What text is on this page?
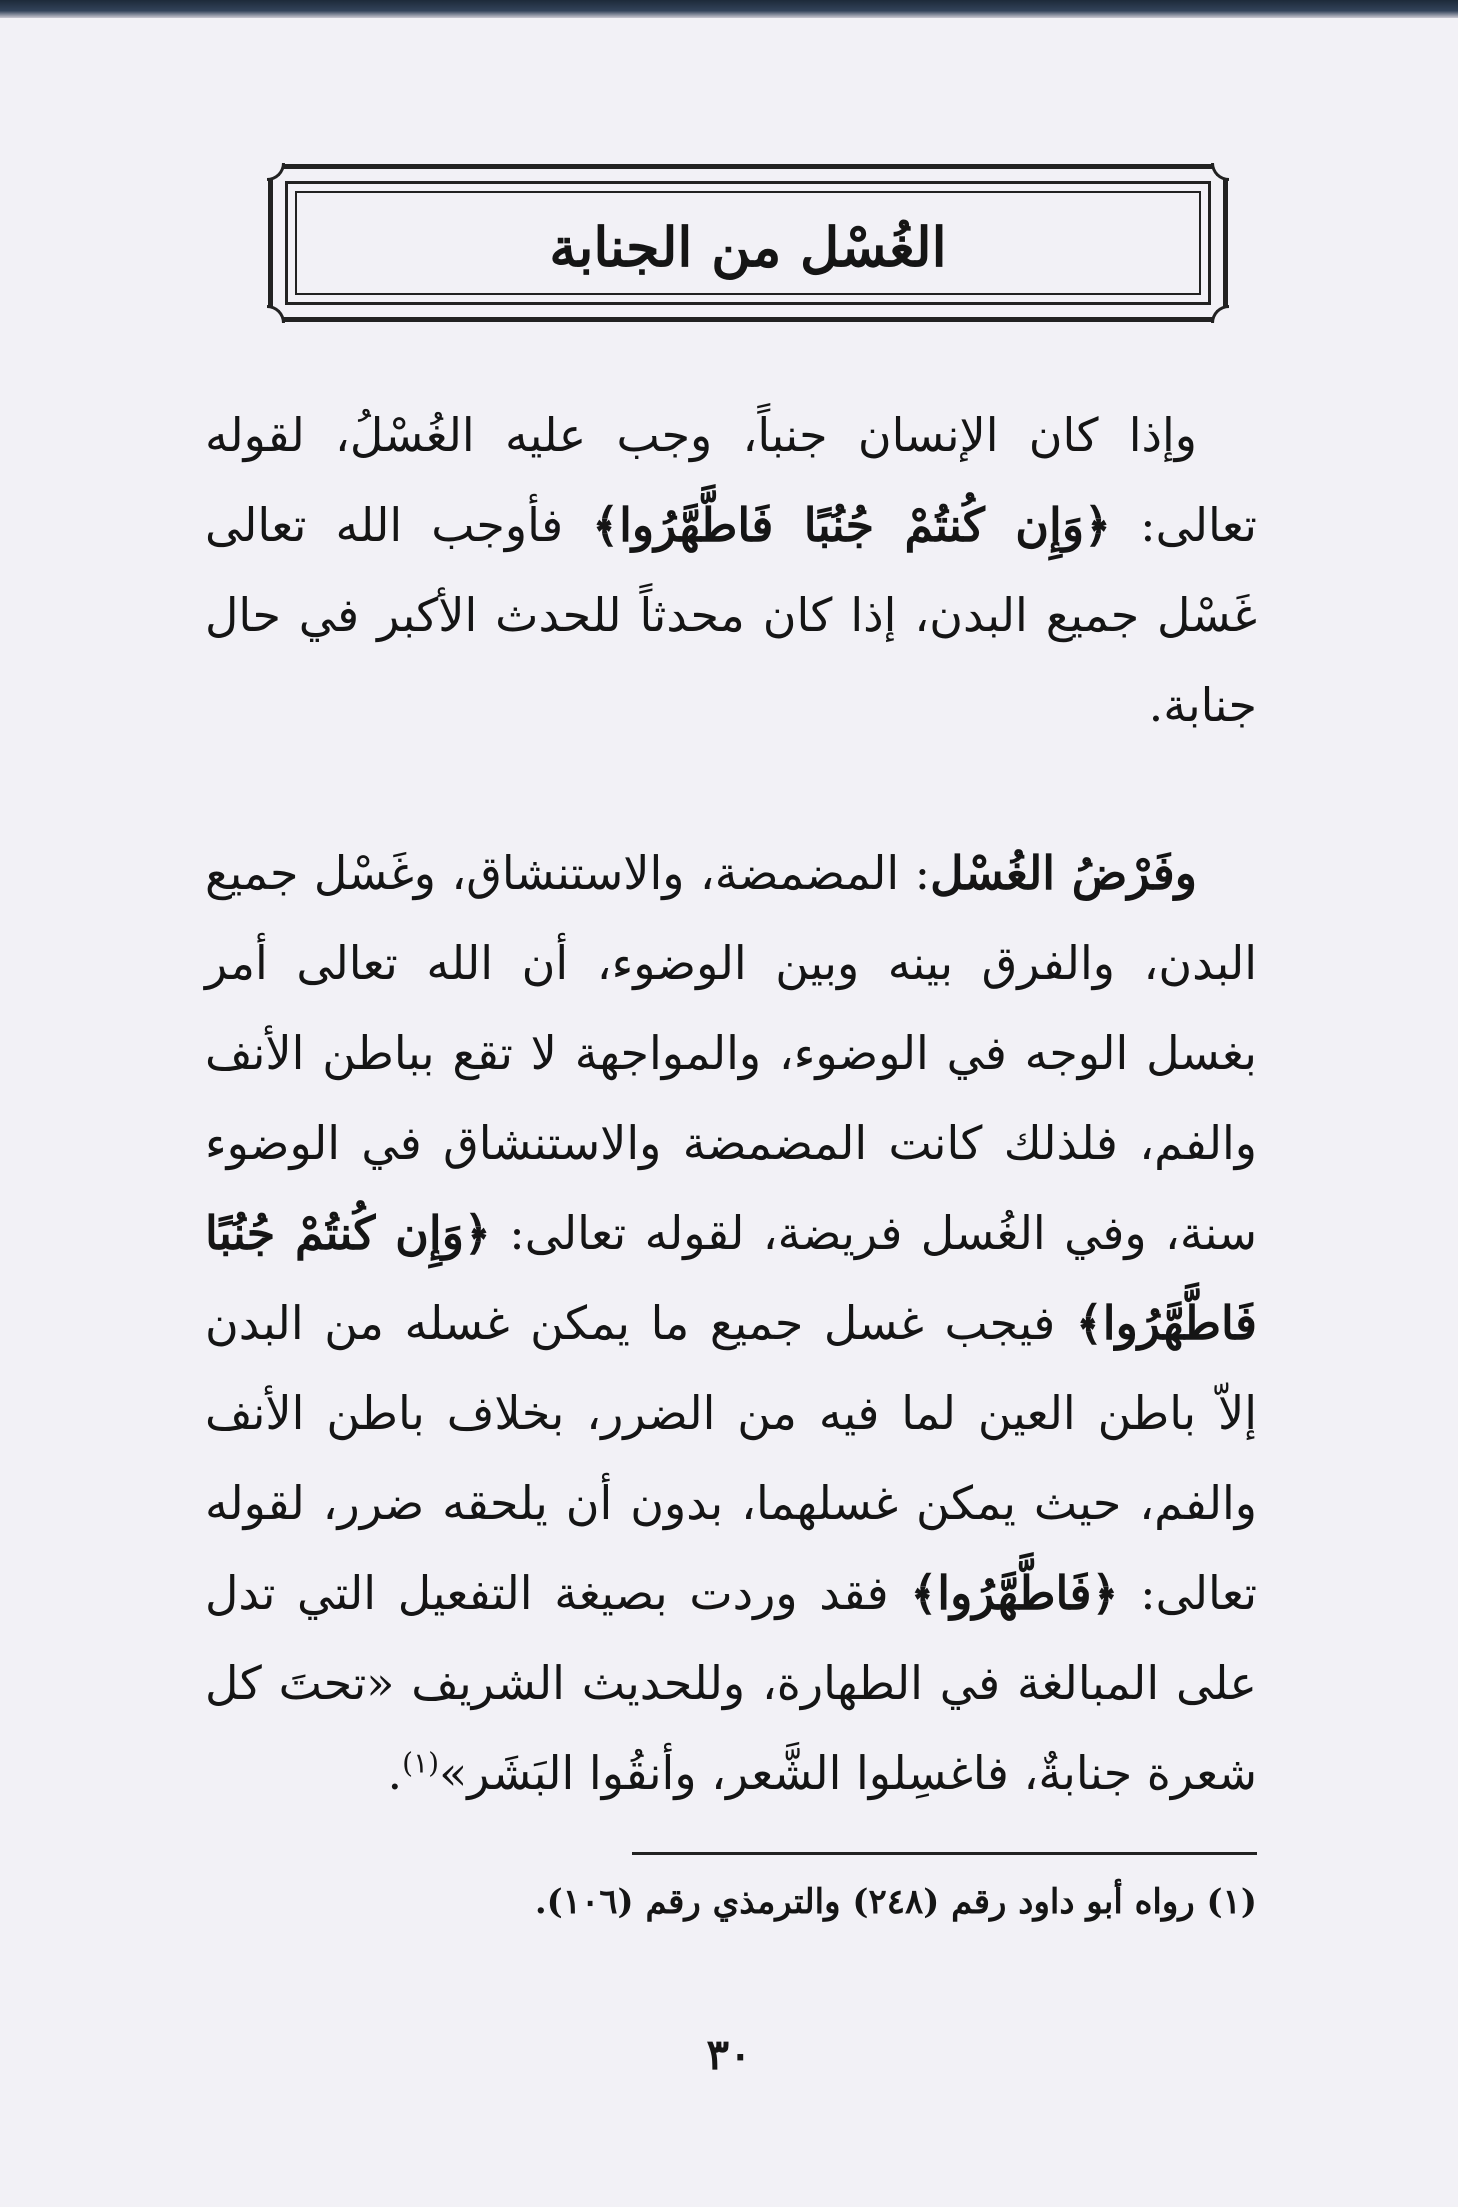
الغُسْل من الجنابة

وإذا كان الإنسان جنباً، وجب عليه الغُسْلُ، لقوله تعالى: ﴿وَإِن كُنتُمْ جُنُبًا فَاطَّهَّرُوا﴾ فأوجب الله تعالى غَسْل جميع البدن، إذا كان محدثاً للحدث الأكبر في حال جنابة.

وفَرْضُ الغُسْل: المضمضة، والاستنشاق، وغَسْل جميع البدن، والفرق بينه وبين الوضوء، أن الله تعالى أمر بغسل الوجه في الوضوء، والمواجهة لا تقع بباطن الأنف والفم، فلذلك كانت المضمضة والاستنشاق في الوضوء سنة، وفي الغُسل فريضة، لقوله تعالى: ﴿وَإِن كُنتُمْ جُنُبًا فَاطَّهَّرُوا﴾ فيجب غسل جميع ما يمكن غسله من البدن إلاّ باطن العين لما فيه من الضرر، بخلاف باطن الأنف والفم، حيث يمكن غسلهما، بدون أن يلحقه ضرر، لقوله تعالى: ﴿فَاطَّهَّرُوا﴾ فقد وردت بصيغة التفعيل التي تدل على المبالغة في الطهارة، وللحديث الشريف «تحتَ كل شعرة جنابةٌ، فاغسِلوا الشَّعر، وأنقُوا البَشَر»$^{(١)}$.

(١) رواه أبو داود رقم (٢٤٨) والترمذي رقم (١٠٦).

٣٠
